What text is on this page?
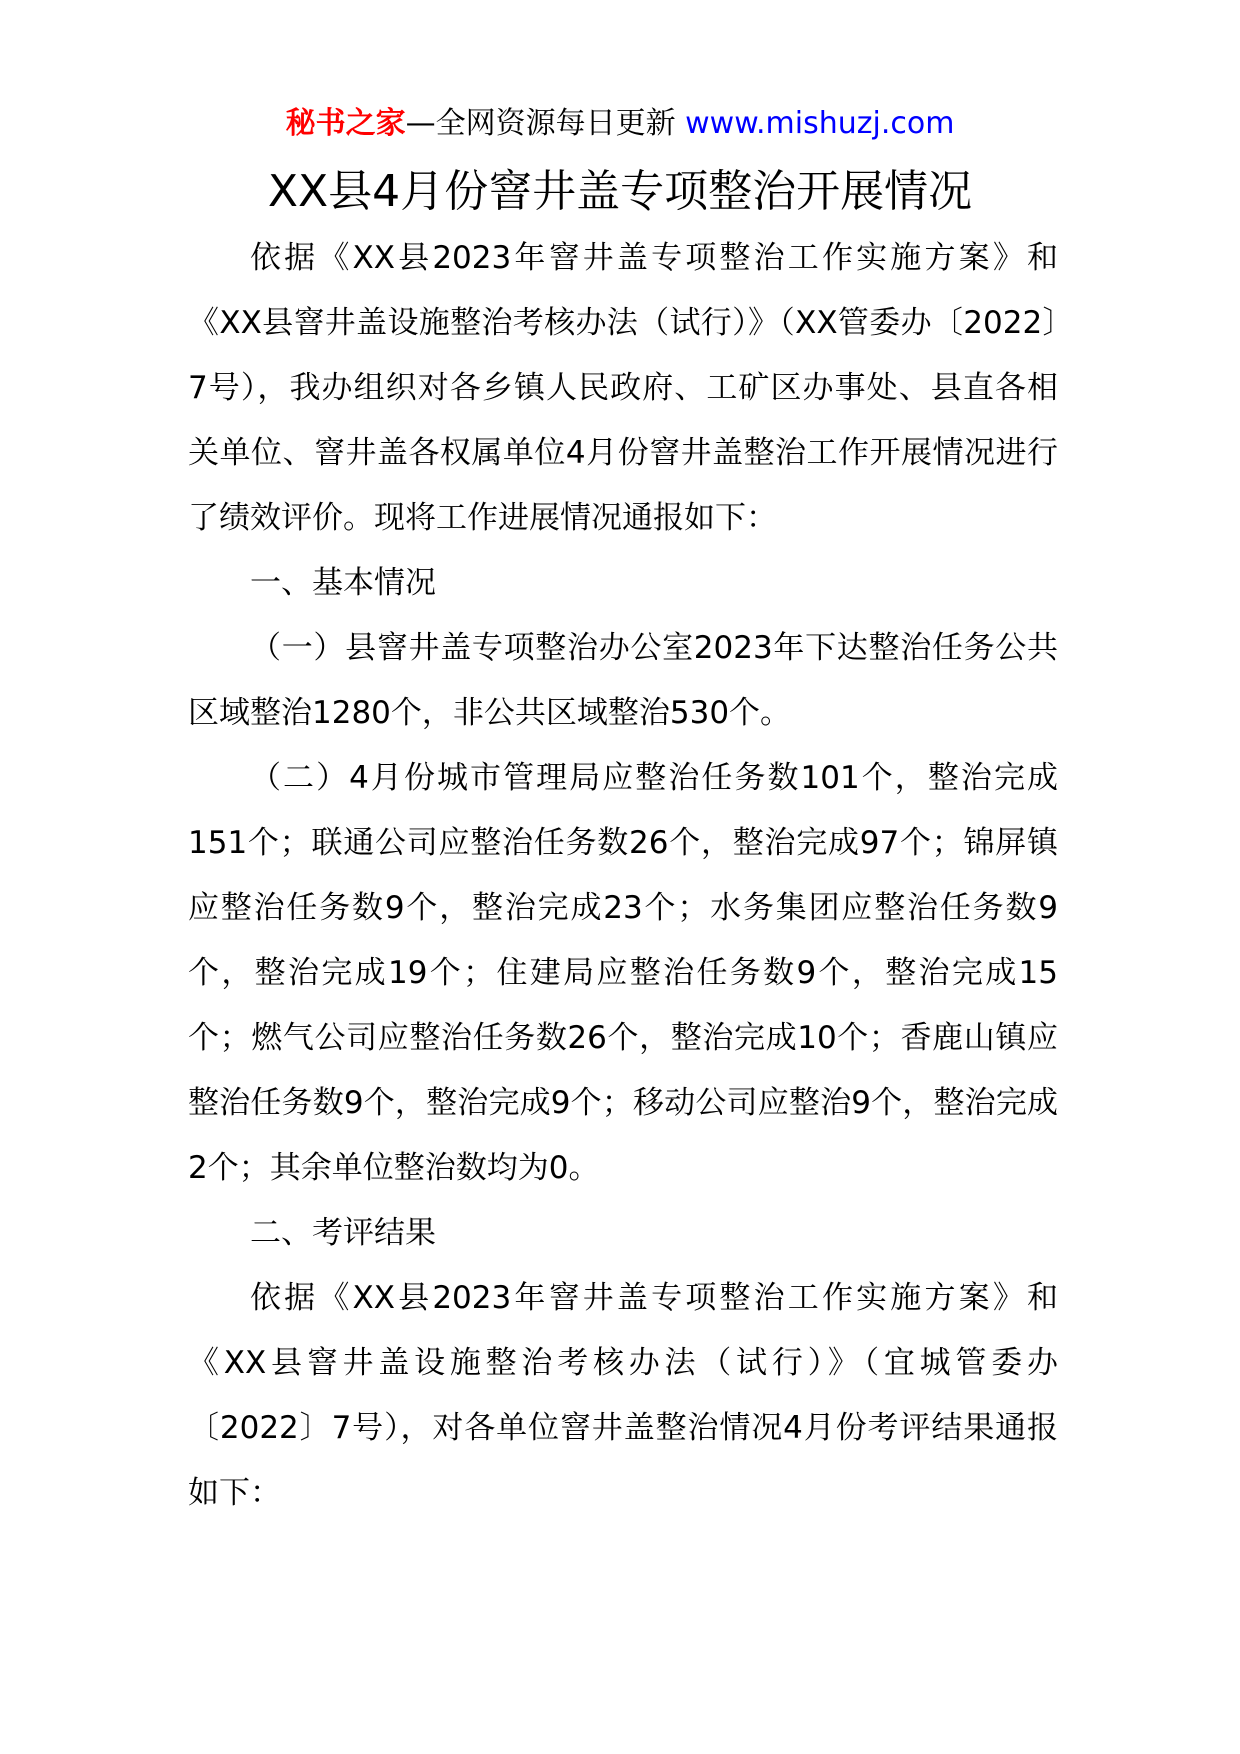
秘书之家—全网资源每日更新 www.mishuzj.com
XX县4月份窨井盖专项整治开展情况

依据《XX县2023年窨井盖专项整治工作实施方案》和《XX县窨井盖设施整治考核办法（试行）》（XX管委办〔2022〕7号），我办组织对各乡镇人民政府、工矿区办事处、县直各相关单位、窨井盖各权属单位4月份窨井盖整治工作开展情况进行了绩效评价。现将工作进展情况通报如下：

一、基本情况

（一）县窨井盖专项整治办公室2023年下达整治任务公共区域整治1280个，非公共区域整治530个。

（二）4月份城市管理局应整治任务数101个，整治完成151个；联通公司应整治任务数26个，整治完成97个；锦屏镇应整治任务数9个，整治完成23个；水务集团应整治任务数9个，整治完成19个；住建局应整治任务数9个，整治完成15个；燃气公司应整治任务数26个，整治完成10个；香鹿山镇应整治任务数9个，整治完成9个；移动公司应整治9个，整治完成2个；其余单位整治数均为0。

二、考评结果

依据《XX县2023年窨井盖专项整治工作实施方案》和《XX县窨井盖设施整治考核办法（试行）》（宜城管委办〔2022〕7号），对各单位窨井盖整治情况4月份考评结果通报如下：
